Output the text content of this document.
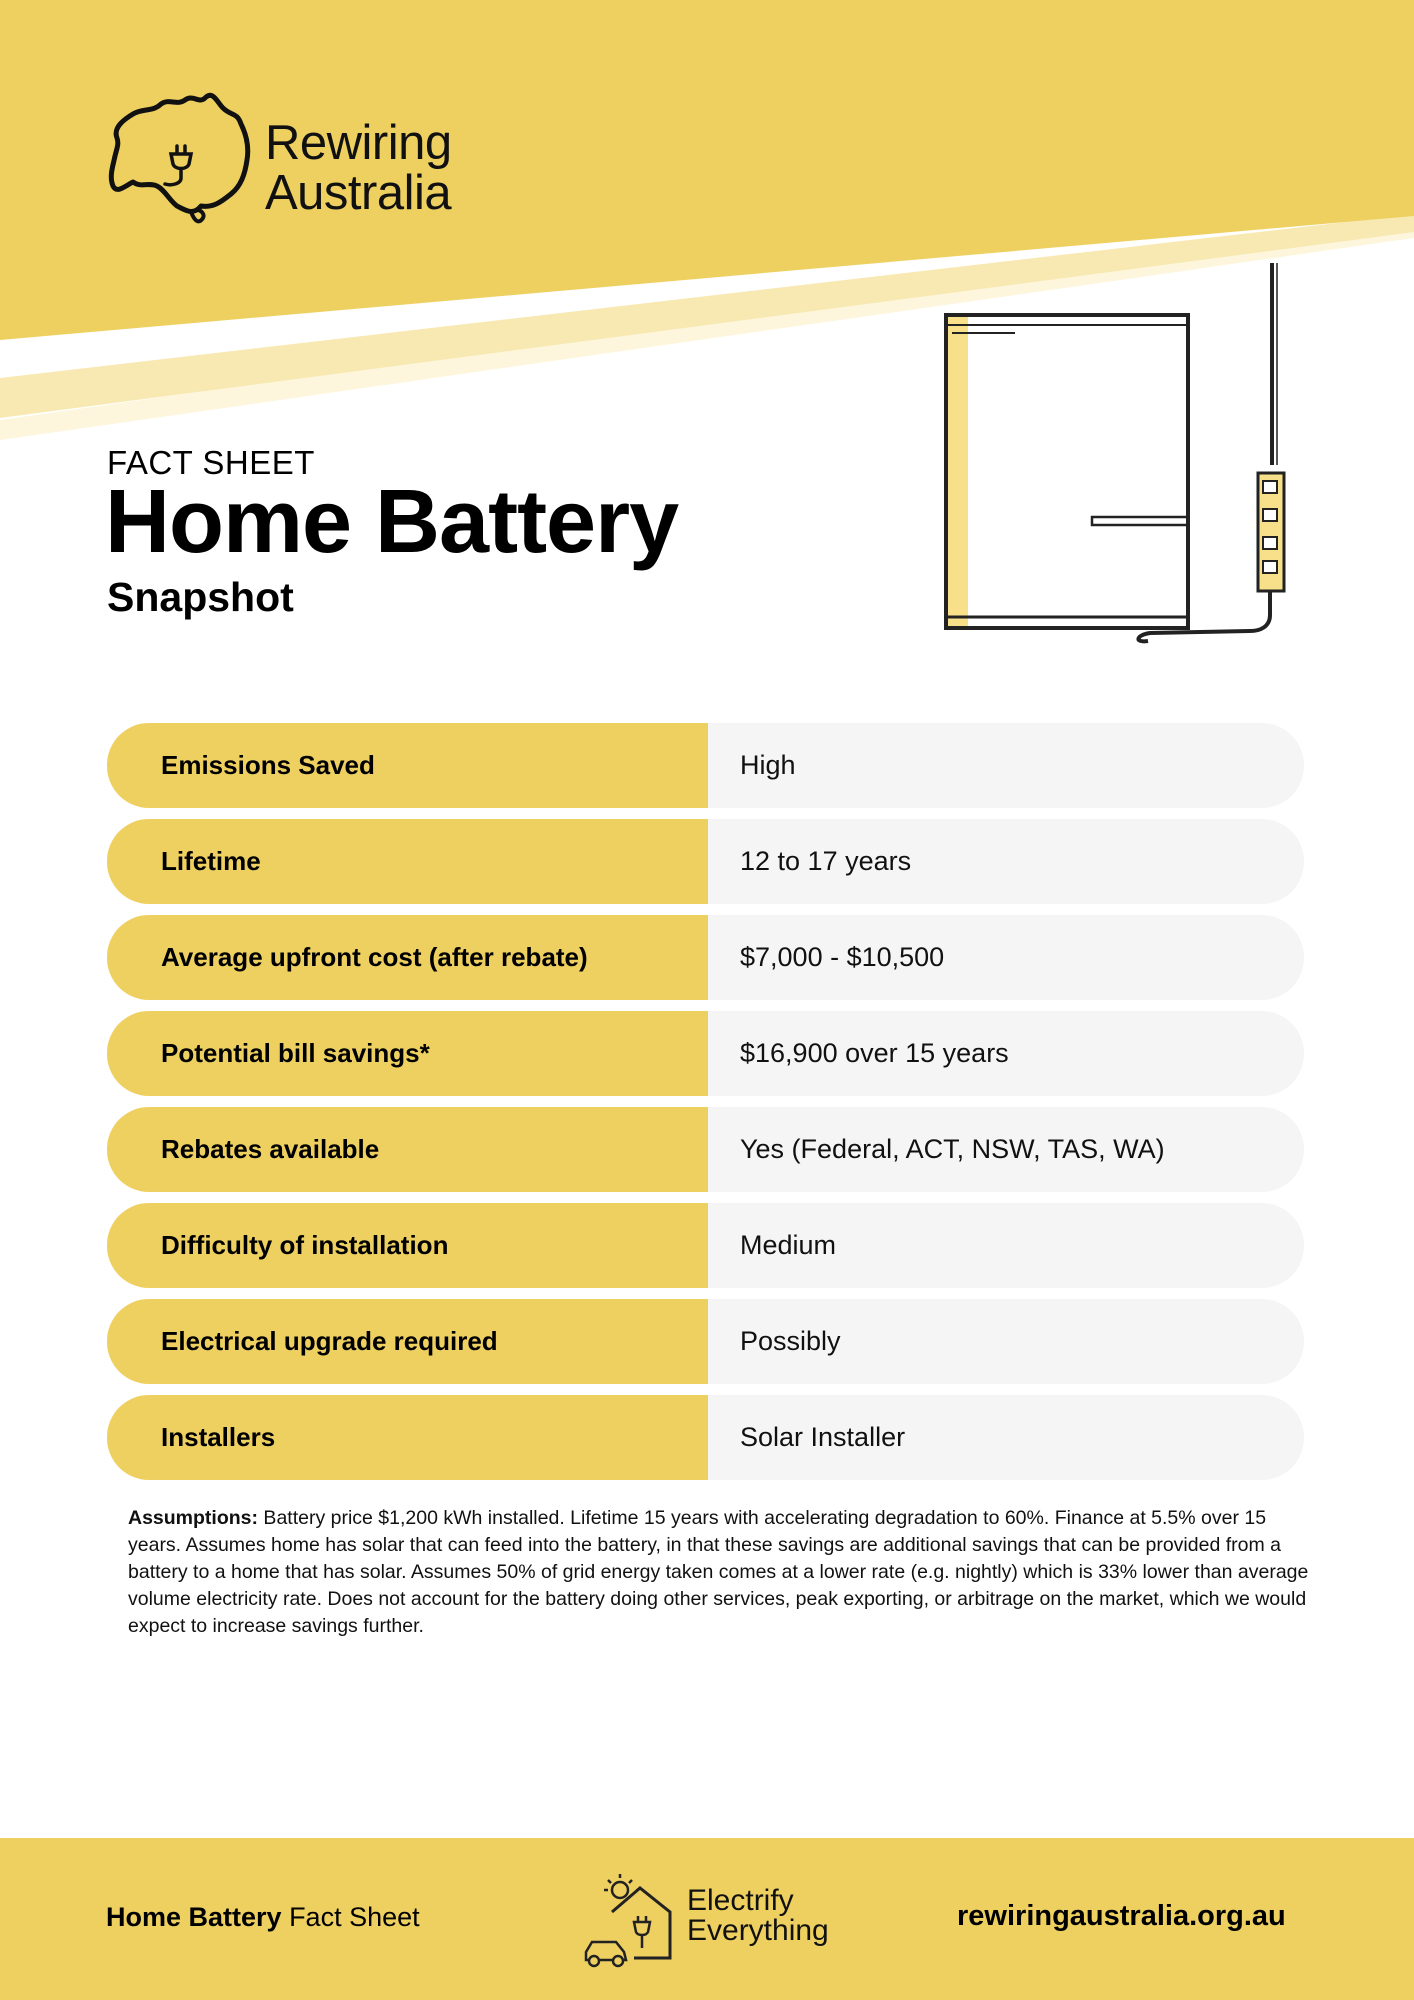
Rewiring
Australia
FACT SHEET
Home Battery
Snapshot
Emissions Saved	High
Lifetime	12 to 17 years
Average upfront cost (after rebate)	$7,000 - $10,500
Potential bill savings*	$16,900 over 15 years
Rebates available	Yes (Federal, ACT, NSW, TAS, WA)
Difficulty of installation	Medium
Electrical upgrade required	Possibly
Installers	Solar Installer
Assumptions: Battery price $1,200 kWh installed. Lifetime 15 years with accelerating degradation to 60%. Finance at 5.5% over 15 years. Assumes home has solar that can feed into the battery, in that these savings are additional savings that can be provided from a battery to a home that has solar. Assumes 50% of grid energy taken comes at a lower rate (e.g. nightly) which is 33% lower than average volume electricity rate. Does not account for the battery doing other services, peak exporting, or arbitrage on the market, which we would expect to increase savings further.
Home Battery Fact Sheet	Electrify
Everything	rewiringaustralia.org.au
